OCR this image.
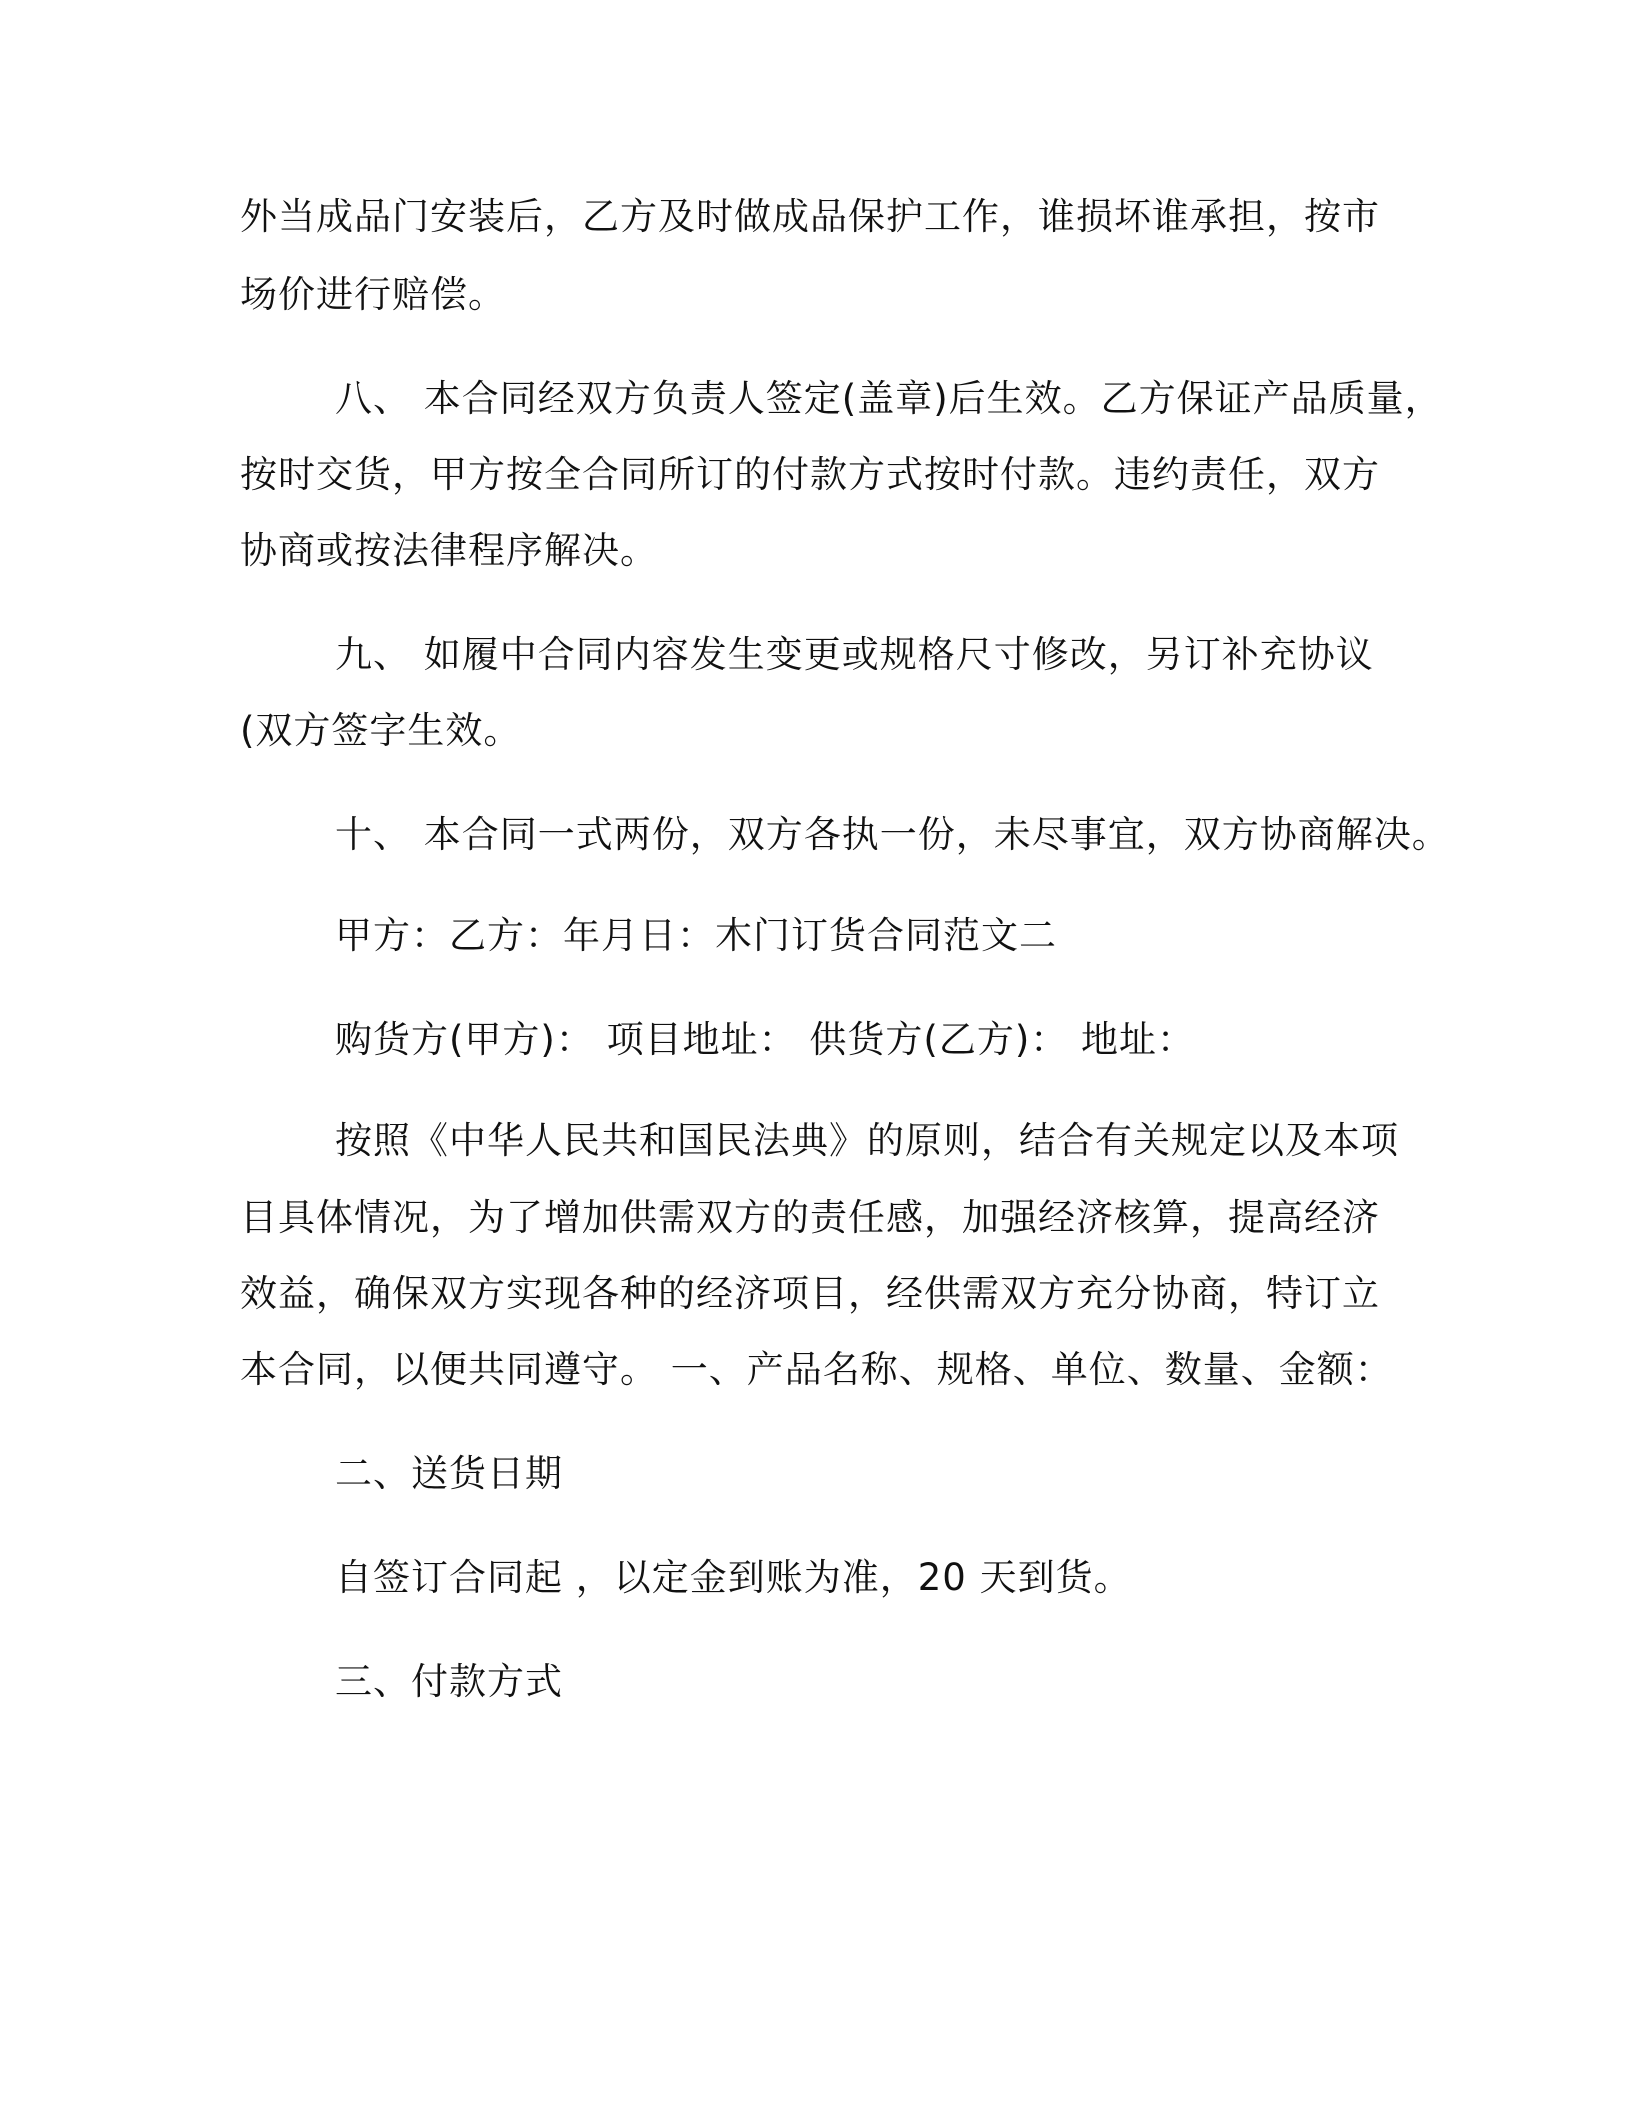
外当成品门安装后，乙方及时做成品保护工作，谁损坏谁承担，按市
场价进行赔偿。
八、 本合同经双方负责人签定(盖章)后生效。乙方保证产品质量，
按时交货，甲方按全合同所订的付款方式按时付款。违约责任，双方
协商或按法律程序解决。
九、 如履中合同内容发生变更或规格尺寸修改，另订补充协议
(双方签字生效。
十、 本合同一式两份，双方各执一份，未尽事宜，双方协商解决。
甲方：乙方：年月日：木门订货合同范文二
购货方(甲方)： 项目地址： 供货方(乙方)： 地址：
按照《中华人民共和国民法典》的原则，结合有关规定以及本项
目具体情况，为了增加供需双方的责任感，加强经济核算，提高经济
效益，确保双方实现各种的经济项目，经供需双方充分协商，特订立
本合同，以便共同遵守。 一、产品名称、规格、单位、数量、金额：
二、送货日期
自签订合同起 ，以定金到账为准，20 天到货。
三、付款方式
